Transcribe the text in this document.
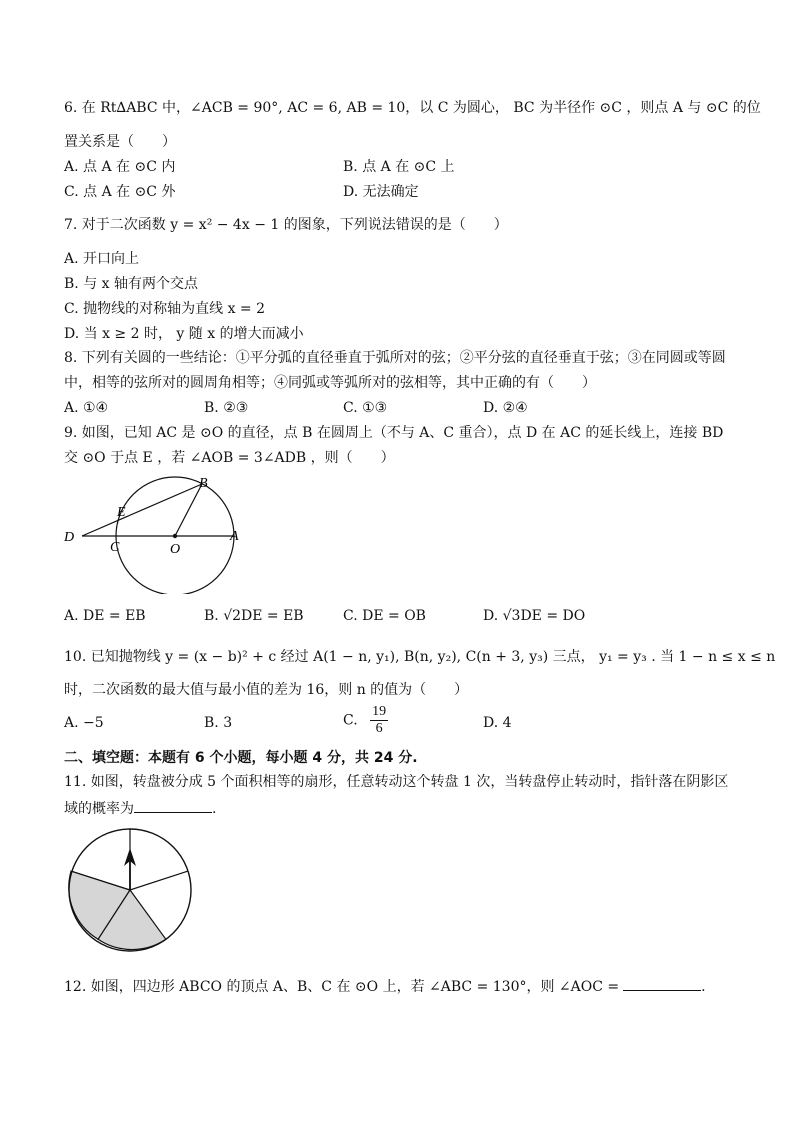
6. 在 Rt∆ABC 中，∠ACB = 90°, AC = 6, AB = 10，以 C 为圆心， BC 为半径作 ⊙C ，则点 A 与 ⊙C 的位
置关系是（　　）
A. 点 A 在 ⊙C 内	B. 点 A 在 ⊙C 上
C. 点 A 在 ⊙C 外	D. 无法确定
7. 对于二次函数 y = x² − 4x − 1 的图象，下列说法错误的是（　　）
A. 开口向上
B. 与 x 轴有两个交点
C. 抛物线的对称轴为直线 x = 2
D. 当 x ≥ 2 时， y 随 x 的增大而减小
8. 下列有关圆的一些结论：①平分弧的直径垂直于弧所对的弦；②平分弦的直径垂直于弦；③在同圆或等圆
中，相等的弦所对的圆周角相等；④同弧或等弧所对的弦相等，其中正确的有（　　）
A. ①④	B. ②③	C. ①③	D. ②④
9. 如图，已知 AC 是 ⊙O 的直径，点 B 在圆周上（不与 A、C 重合），点 D 在 AC 的延长线上，连接 BD
交 ⊙O 于点 E ，若 ∠AOB = 3∠ADB ，则（　　）
B
E
D
C	O
A
A. DE = EB	B. √2DE = EB	C. DE = OB	D. √3DE = DO
10. 已知抛物线 y = (x − b)² + c 经过 A(1 − n, y₁), B(n, y₂), C(n + 3, y₃) 三点， y₁ = y₃ . 当 1 − n ≤ x ≤ n
时，二次函数的最大值与最小值的差为 16，则 n 的值为（　　）
A. −5	B. 3	C. $\frac{19}{6}$	D. 4
二、填空题：本题有 6 个小题，每小题 4 分，共 24 分.
11. 如图，转盘被分成 5 个面积相等的扇形，任意转动这个转盘 1 次，当转盘停止转动时，指针落在阴影区
域的概率为	.
12. 如图，四边形 ABCO 的顶点 A、B、C 在 ⊙O 上，若 ∠ABC = 130°，则 ∠AOC =	.
